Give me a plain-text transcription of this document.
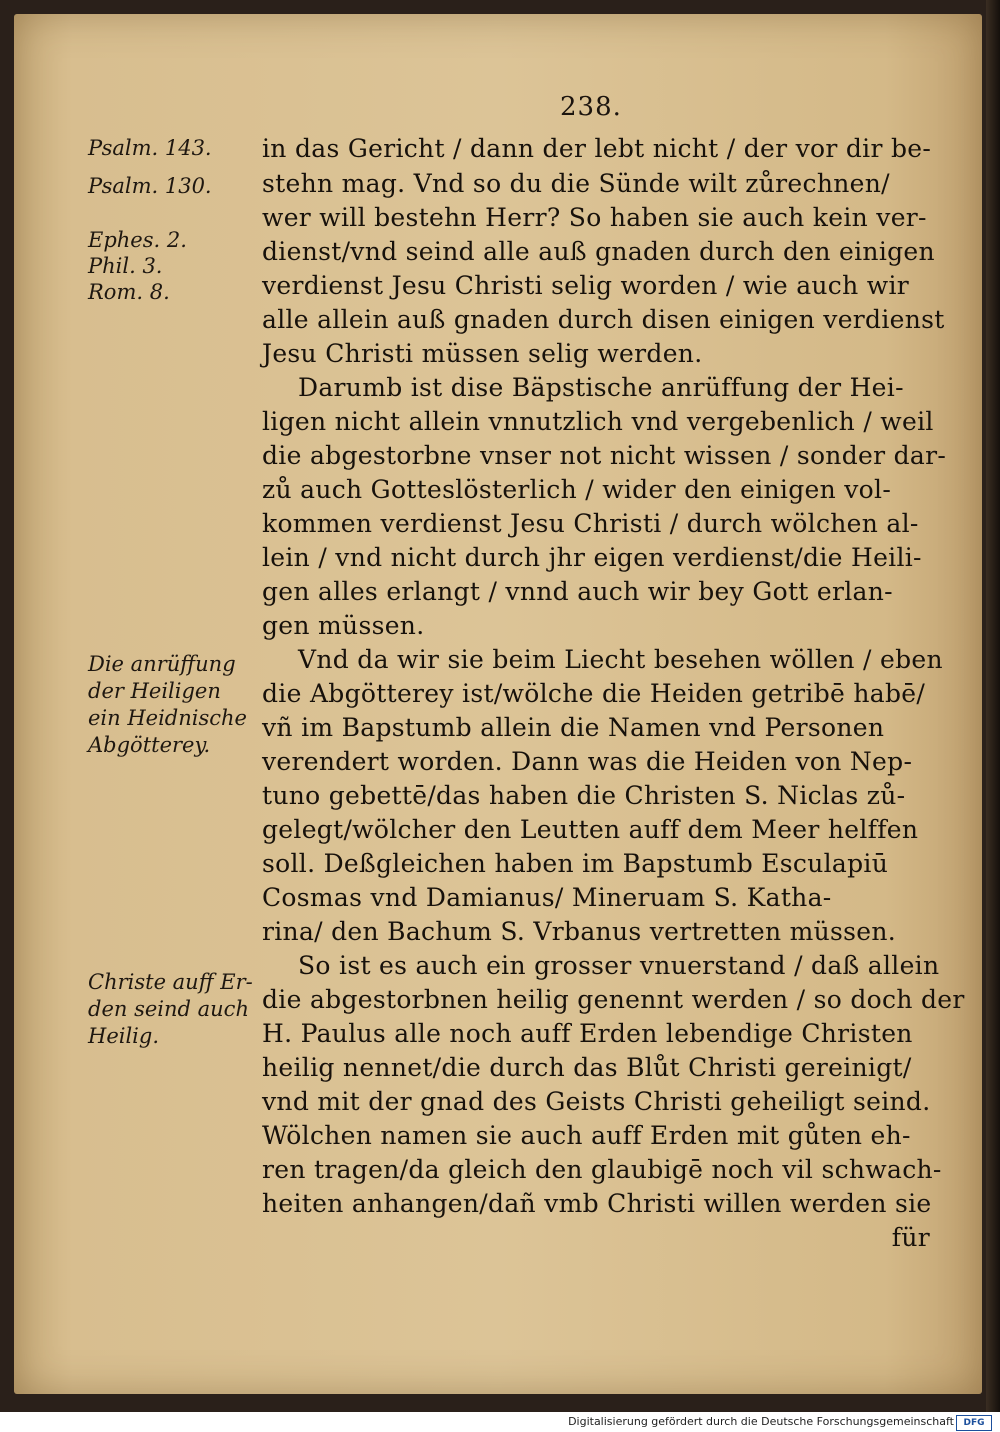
238.
Psalm. 143.
Psalm. 130.
Ephes. 2.
Phil. 3.
Rom. 8.
Die anrüffung
der Heiligen
ein Heidnische
Abgötterey.
Christe auff Er-
den seind auch
Heilig.
in das Gericht / dann der lebt nicht / der vor dir be-
stehn mag. Vnd so du die Sünde wilt zůrechnen/
wer will bestehn Herr? So haben sie auch kein ver-
dienst/vnd seind alle auß gnaden durch den einigen
verdienst Jesu Christi selig worden / wie auch wir
alle allein auß gnaden durch disen einigen verdienst
Jesu Christi müssen selig werden.
Darumb ist dise Bäpstische anrüffung der Hei-
ligen nicht allein vnnutzlich vnd vergebenlich / weil
die abgestorbne vnser not nicht wissen / sonder dar-
zů auch Gotteslösterlich / wider den einigen vol-
kommen verdienst Jesu Christi / durch wölchen al-
lein / vnd nicht durch jhr eigen verdienst/die Heili-
gen alles erlangt / vnnd auch wir bey Gott erlan-
gen müssen.
Vnd da wir sie beim Liecht besehen wöllen / eben
die Abgötterey ist/wölche die Heiden getribē habē/
vñ im Bapstumb allein die Namen vnd Personen
verendert worden. Dann was die Heiden von Nep-
tuno gebettē/das haben die Christen S. Niclas zů-
gelegt/wölcher den Leutten auff dem Meer helffen
soll. Deßgleichen haben im Bapstumb Esculapiū
Cosmas vnd Damianus/ Mineruam S. Katha-
rina/ den Bachum S. Vrbanus vertretten müssen.
So ist es auch ein grosser vnuerstand / daß allein
die abgestorbnen heilig genennt werden / so doch der
H. Paulus alle noch auff Erden lebendige Christen
heilig nennet/die durch das Blůt Christi gereinigt/
vnd mit der gnad des Geists Christi geheiligt seind.
Wölchen namen sie auch auff Erden mit gůten eh-
ren tragen/da gleich den glaubigē noch vil schwach-
heiten anhangen/dañ vmb Christi willen werden sie
für
Digitalisierung gefördert durch die Deutsche Forschungsgemeinschaft	DFG
